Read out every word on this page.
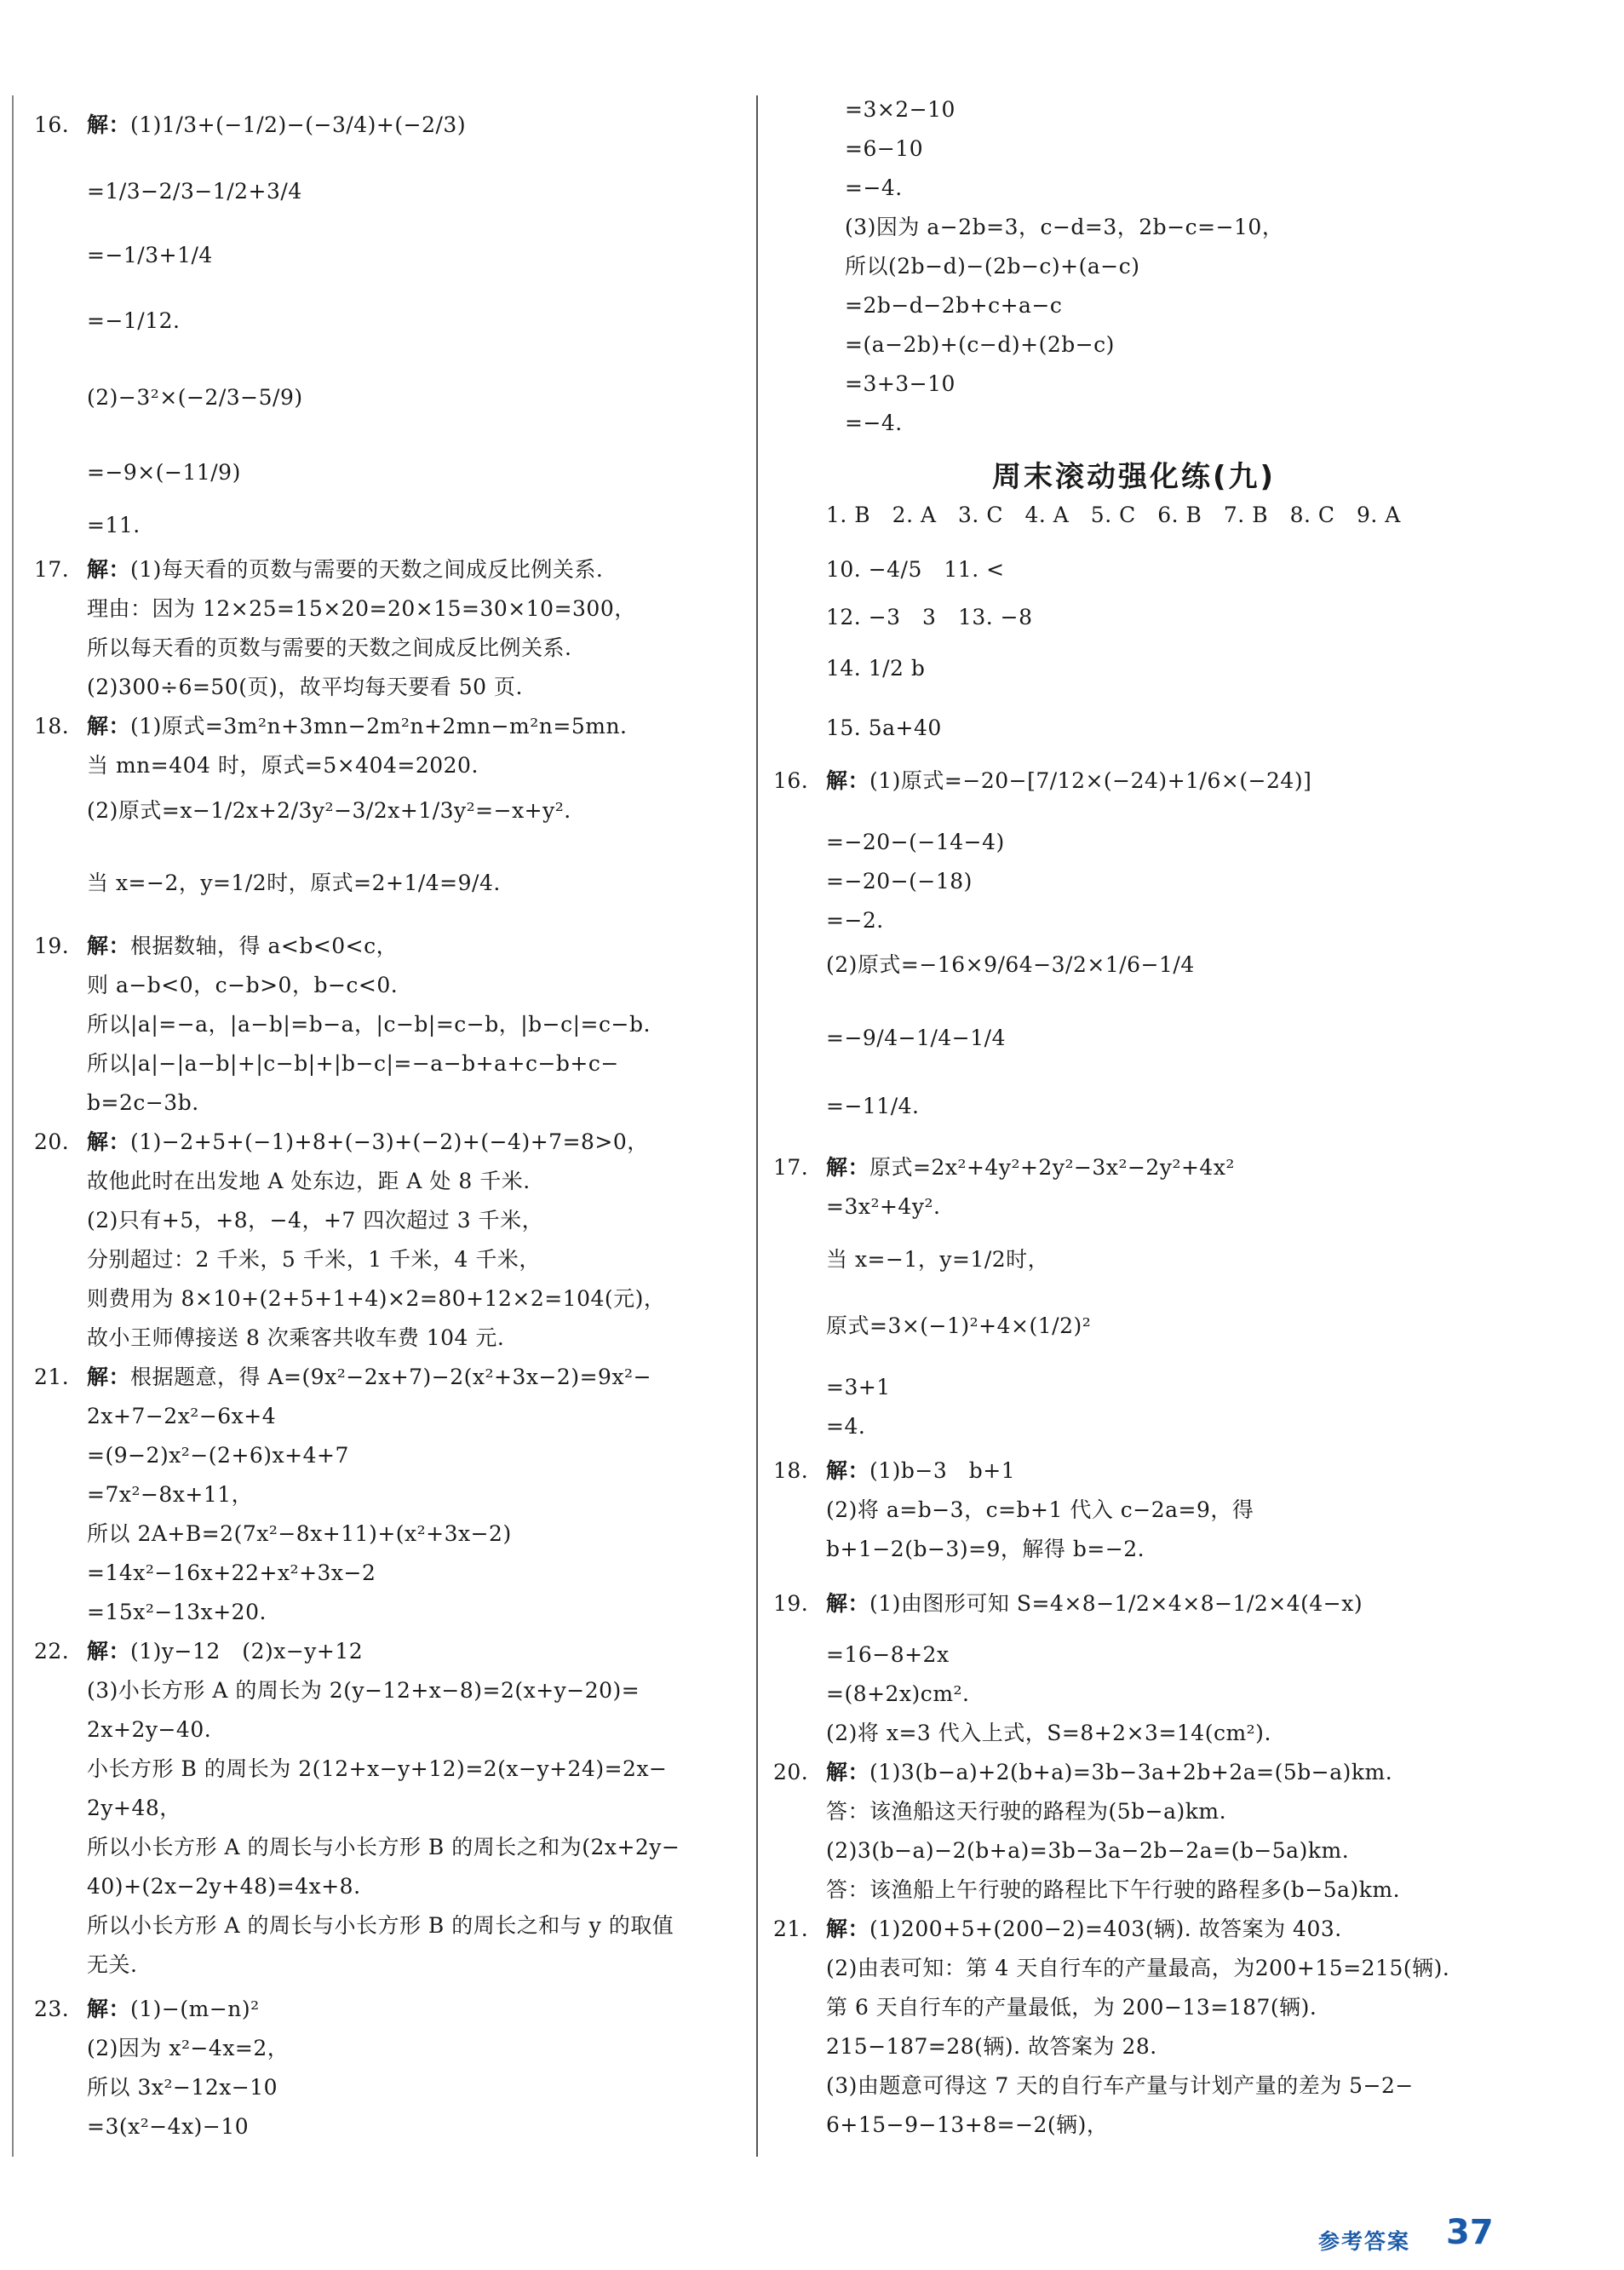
16. 解：(1)1/3+(−1/2)−(−3/4)+(−2/3)
=1/3−2/3−1/2+3/4
=−1/3+1/4
=−1/12.
(2)−3²×(−2/3−5/9)
=−9×(−11/9)
=11.
17. 解：(1)每天看的页数与需要的天数之间成反比例关系.
理由：因为 12×25=15×20=20×15=30×10=300，
所以每天看的页数与需要的天数之间成反比例关系.
(2)300÷6=50(页)，故平均每天要看 50 页.
18. 解：(1)原式=3m²n+3mn−2m²n+2mn−m²n=5mn.
当 mn=404 时，原式=5×404=2020.
(2)原式=x−1/2x+2/3y²−3/2x+1/3y²=−x+y².
当 x=−2，y=1/2时，原式=2+1/4=9/4.
19. 解：根据数轴，得 a<b<0<c，
则 a−b<0，c−b>0，b−c<0.
所以|a|=−a，|a−b|=b−a，|c−b|=c−b，|b−c|=c−b.
所以|a|−|a−b|+|c−b|+|b−c|=−a−b+a+c−b+c−
b=2c−3b.
20. 解：(1)−2+5+(−1)+8+(−3)+(−2)+(−4)+7=8>0，
故他此时在出发地 A 处东边，距 A 处 8 千米.
(2)只有+5，+8，−4，+7 四次超过 3 千米，
分别超过：2 千米，5 千米，1 千米，4 千米，
则费用为 8×10+(2+5+1+4)×2=80+12×2=104(元)，
故小王师傅接送 8 次乘客共收车费 104 元.
21. 解：根据题意，得 A=(9x²−2x+7)−2(x²+3x−2)=9x²−
2x+7−2x²−6x+4
=(9−2)x²−(2+6)x+4+7
=7x²−8x+11，
所以 2A+B=2(7x²−8x+11)+(x²+3x−2)
=14x²−16x+22+x²+3x−2
=15x²−13x+20.
22. 解：(1)y−12　(2)x−y+12
(3)小长方形 A 的周长为 2(y−12+x−8)=2(x+y−20)=
2x+2y−40.
小长方形 B 的周长为 2(12+x−y+12)=2(x−y+24)=2x−
2y+48，
所以小长方形 A 的周长与小长方形 B 的周长之和为(2x+2y−
40)+(2x−2y+48)=4x+8.
所以小长方形 A 的周长与小长方形 B 的周长之和与 y 的取值
无关.
23. 解：(1)−(m−n)²
(2)因为 x²−4x=2，
所以 3x²−12x−10
=3(x²−4x)−10
=3×2−10
=6−10
=−4.
(3)因为 a−2b=3，c−d=3，2b−c=−10，
所以(2b−d)−(2b−c)+(a−c)
=2b−d−2b+c+a−c
=(a−2b)+(c−d)+(2b−c)
=3+3−10
=−4.
周末滚动强化练(九)
1. B　2. A　3. C　4. A　5. C　6. B　7. B　8. C　9. A
10. −4/5　11. <
12. −3　3　13. −8
14. 1/2 b
15. 5a+40
16. 解：(1)原式=−20−[7/12×(−24)+1/6×(−24)]
=−20−(−14−4)
=−20−(−18)
=−2.
(2)原式=−16×9/64−3/2×1/6−1/4
=−9/4−1/4−1/4
=−11/4.
17. 解：原式=2x²+4y²+2y²−3x²−2y²+4x²
=3x²+4y².
当 x=−1，y=1/2时，
原式=3×(−1)²+4×(1/2)²
=3+1
=4.
18. 解：(1)b−3　b+1
(2)将 a=b−3，c=b+1 代入 c−2a=9，得
b+1−2(b−3)=9，解得 b=−2.
19. 解：(1)由图形可知 S=4×8−1/2×4×8−1/2×4(4−x)
=16−8+2x
=(8+2x)cm².
(2)将 x=3 代入上式，S=8+2×3=14(cm²).
20. 解：(1)3(b−a)+2(b+a)=3b−3a+2b+2a=(5b−a)km.
答：该渔船这天行驶的路程为(5b−a)km.
(2)3(b−a)−2(b+a)=3b−3a−2b−2a=(b−5a)km.
答：该渔船上午行驶的路程比下午行驶的路程多(b−5a)km.
21. 解：(1)200+5+(200−2)=403(辆). 故答案为 403.
(2)由表可知：第 4 天自行车的产量最高，为200+15=215(辆).
第 6 天自行车的产量最低，为 200−13=187(辆).
215−187=28(辆). 故答案为 28.
(3)由题意可得这 7 天的自行车产量与计划产量的差为 5−2−
6+15−9−13+8=−2(辆)，
参考答案 37
